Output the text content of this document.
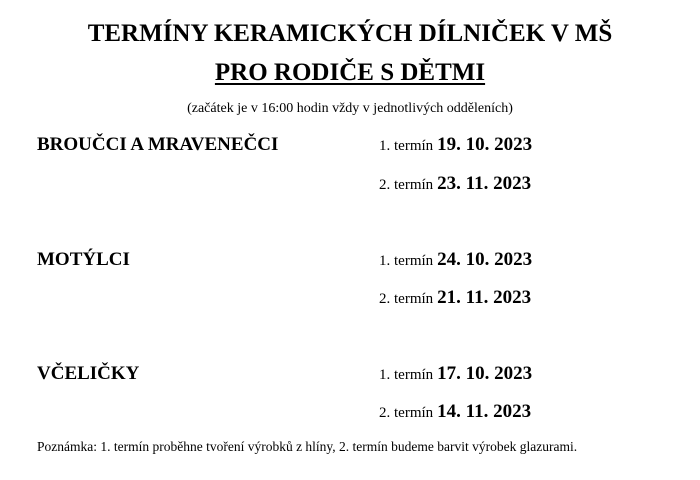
TERMÍNY KERAMICKÝCH DÍLNIČEK V MŠ
PRO RODIČE S DĚTMI
(začátek je v 16:00 hodin vždy v jednotlivých odděleních)
BROUČCI A MRAVENEČCI	1. termín 19. 10. 2023
2. termín 23. 11. 2023
MOTÝLCI	1. termín 24. 10. 2023
2. termín 21. 11. 2023
VČELIČKY	1. termín 17. 10. 2023
2. termín 14. 11. 2023
Poznámka: 1. termín proběhne tvoření výrobků z hlíny, 2. termín budeme barvit výrobek glazurami.
